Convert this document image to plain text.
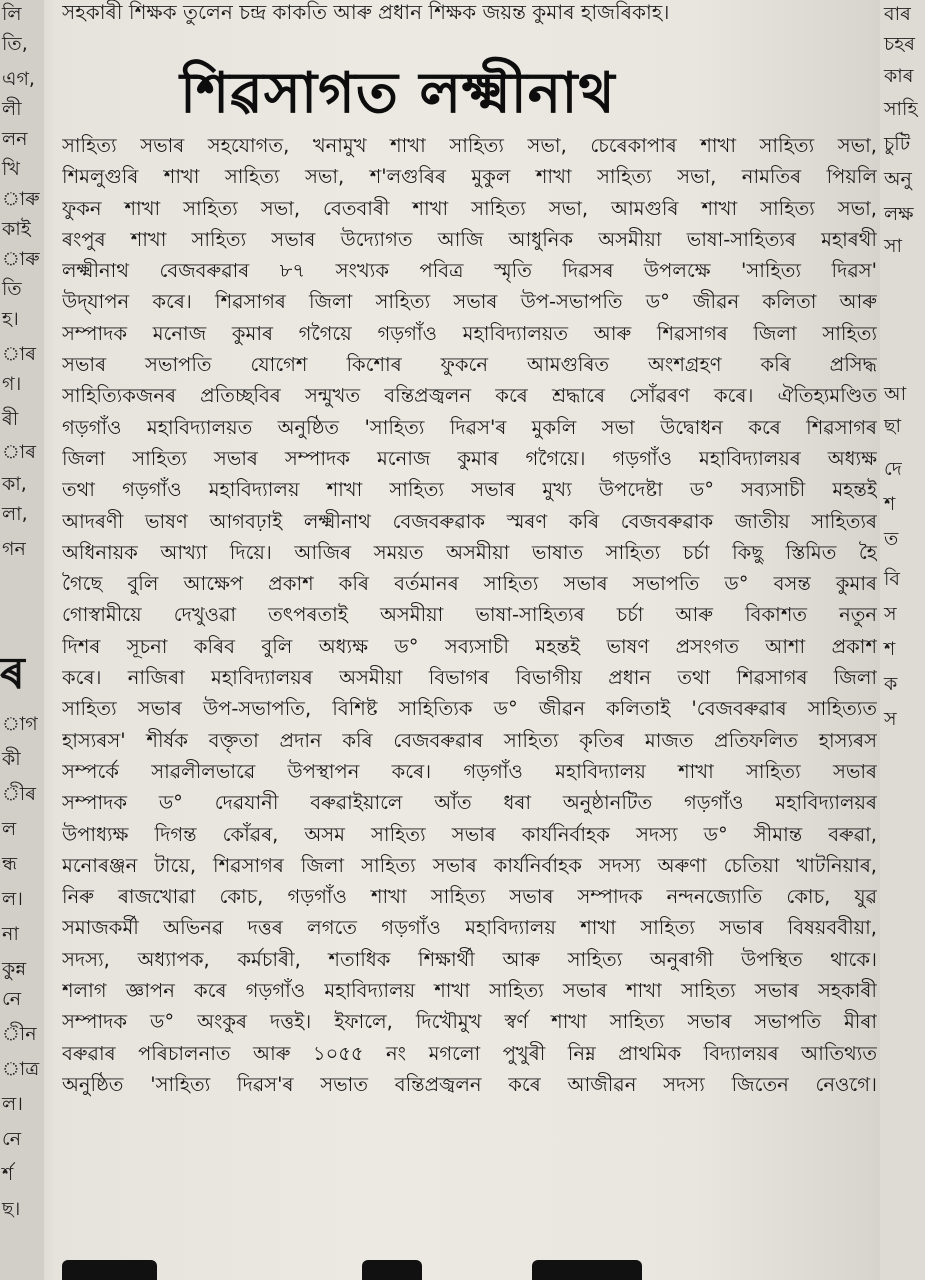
লি
তি,
এগ,
লী
লন
খি
াৰু
কাই
াৰু
তি
হ।
াৰ
গ।
ৰী
াৰ
কা,
লা,
গন
ৰ
াগ
কী
ীৰ
ল
ন্ধ
ল।
না
কুন্ন
নে
ীন
াত্ৰ
ল।
নে
ৰ্শ
ছ।
বাৰ
চহৰ
কাৰ
সাহি
চুটি
অনু
লক্ষ
সা
আ
ছা
দে
শ
ত
বি
স
শ
ক
স
সহকাৰী শিক্ষক তুলেন চন্দ্ৰ কাকতি আৰু প্ৰধান শিক্ষক জয়ন্ত কুমাৰ হাজৰিকাহ।
শিৱসাগত লক্ষ্মীনাথ
সাহিত্য সভাৰ সহযোগত, খনামুখ শাখা সাহিত্য সভা, চেৰেকাপাৰ শাখা সাহিত্য সভা,
শিমলুগুৰি শাখা সাহিত্য সভা, শ'লগুৰিৰ মুকুল শাখা সাহিত্য সভা, নামতিৰ পিয়লি
ফুকন শাখা সাহিত্য সভা, বেতবাৰী শাখা সাহিত্য সভা, আমগুৰি শাখা সাহিত্য সভা,
ৰংপুৰ শাখা সাহিত্য সভাৰ উদ্যোগত আজি আধুনিক অসমীয়া ভাষা-সাহিত্যৰ মহাৰথী
লক্ষ্মীনাথ বেজবৰুৱাৰ ৮৭ সংখ্যক পবিত্ৰ স্মৃতি দিৱসৰ উপলক্ষে 'সাহিত্য দিৱস'
উদ্‌যাপন কৰে। শিৱসাগৰ জিলা সাহিত্য সভাৰ উপ-সভাপতি ড° জীৱন কলিতা আৰু
সম্পাদক মনোজ কুমাৰ গগৈয়ে গড়গাঁও মহাবিদ্যালয়ত আৰু শিৱসাগৰ জিলা সাহিত্য
সভাৰ সভাপতি যোগেশ কিশোৰ ফুকনে আমগুৰিত অংশগ্ৰহণ কৰি প্ৰসিদ্ধ
সাহিত্যিকজনৰ প্ৰতিচ্ছবিৰ সন্মুখত বন্তিপ্ৰজ্বলন কৰে শ্ৰদ্ধাৰে সোঁৱৰণ কৰে। ঐতিহ্যমণ্ডিত
গড়গাঁও মহাবিদ্যালয়ত অনুষ্ঠিত 'সাহিত্য দিৱস'ৰ মুকলি সভা উদ্বোধন কৰে শিৱসাগৰ
জিলা সাহিত্য সভাৰ সম্পাদক মনোজ কুমাৰ গগৈয়ে। গড়গাঁও মহাবিদ্যালয়ৰ অধ্যক্ষ
তথা গড়গাঁও মহাবিদ্যালয় শাখা সাহিত্য সভাৰ মুখ্য উপদেষ্টা ড° সব্যসাচী মহন্তই
আদৰণী ভাষণ আগবঢ়াই লক্ষ্মীনাথ বেজবৰুৱাক স্মৰণ কৰি বেজবৰুৱাক জাতীয় সাহিত্যৰ
অধিনায়ক আখ্যা দিয়ে। আজিৰ সময়ত অসমীয়া ভাষাত সাহিত্য চৰ্চা কিছু স্তিমিত হৈ
গৈছে বুলি আক্ষেপ প্ৰকাশ কৰি বৰ্তমানৰ সাহিত্য সভাৰ সভাপতি ড° বসন্ত কুমাৰ
গোস্বামীয়ে দেখুওৱা তৎপৰতাই অসমীয়া ভাষা-সাহিত্যৰ চৰ্চা আৰু বিকাশত নতুন
দিশৰ সূচনা কৰিব বুলি অধ্যক্ষ ড° সব্যসাচী মহন্তই ভাষণ প্ৰসংগত আশা প্ৰকাশ
কৰে। নাজিৰা মহাবিদ্যালয়ৰ অসমীয়া বিভাগৰ বিভাগীয় প্ৰধান তথা শিৱসাগৰ জিলা
সাহিত্য সভাৰ উপ-সভাপতি, বিশিষ্ট সাহিত্যিক ড° জীৱন কলিতাই 'বেজবৰুৱাৰ সাহিত্যত
হাস্যৰস' শীৰ্ষক বক্তৃতা প্ৰদান কৰি বেজবৰুৱাৰ সাহিত্য কৃতিৰ মাজত প্ৰতিফলিত হাস্যৰস
সম্পৰ্কে সাৱলীলভাৱে উপস্থাপন কৰে। গড়গাঁও মহাবিদ্যালয় শাখা সাহিত্য সভাৰ
সম্পাদক ড° দেৱযানী বৰুৱাইয়ালে আঁত ধৰা অনুষ্ঠানটিত গড়গাঁও মহাবিদ্যালয়ৰ
উপাধ্যক্ষ দিগন্ত কোঁৱৰ, অসম সাহিত্য সভাৰ কাৰ্যনিৰ্বাহক সদস্য ড° সীমান্ত বৰুৱা,
মনোৰঞ্জন টায়ে, শিৱসাগৰ জিলা সাহিত্য সভাৰ কাৰ্যনিৰ্বাহক সদস্য অৰুণা চেতিয়া খাটনিয়াৰ,
নিৰু ৰাজখোৱা কোচ, গড়গাঁও শাখা সাহিত্য সভাৰ সম্পাদক নন্দনজ্যোতি কোচ, যুৱ
সমাজকৰ্মী অভিনৱ দত্তৰ লগতে গড়গাঁও মহাবিদ্যালয় শাখা সাহিত্য সভাৰ বিষয়ববীয়া,
সদস্য, অধ্যাপক, কৰ্মচাৰী, শতাধিক শিক্ষাৰ্থী আৰু সাহিত্য অনুৰাগী উপস্থিত থাকে।
শলাগ জ্ঞাপন কৰে গড়গাঁও মহাবিদ্যালয় শাখা সাহিত্য সভাৰ শাখা সাহিত্য সভাৰ সহকাৰী
সম্পাদক ড° অংকুৰ দত্তই। ইফালে, দিখৌমুখ স্বৰ্ণ শাখা সাহিত্য সভাৰ সভাপতি মীৰা
বৰুৱাৰ পৰিচালনাত আৰু ১০৫৫ নং মগলো পুখুৰী নিম্ন প্ৰাথমিক বিদ্যালয়ৰ আতিথ্যত
অনুষ্ঠিত 'সাহিত্য দিৱস'ৰ সভাত বন্তিপ্ৰজ্বলন কৰে আজীৱন সদস্য জিতেন নেওগে।
